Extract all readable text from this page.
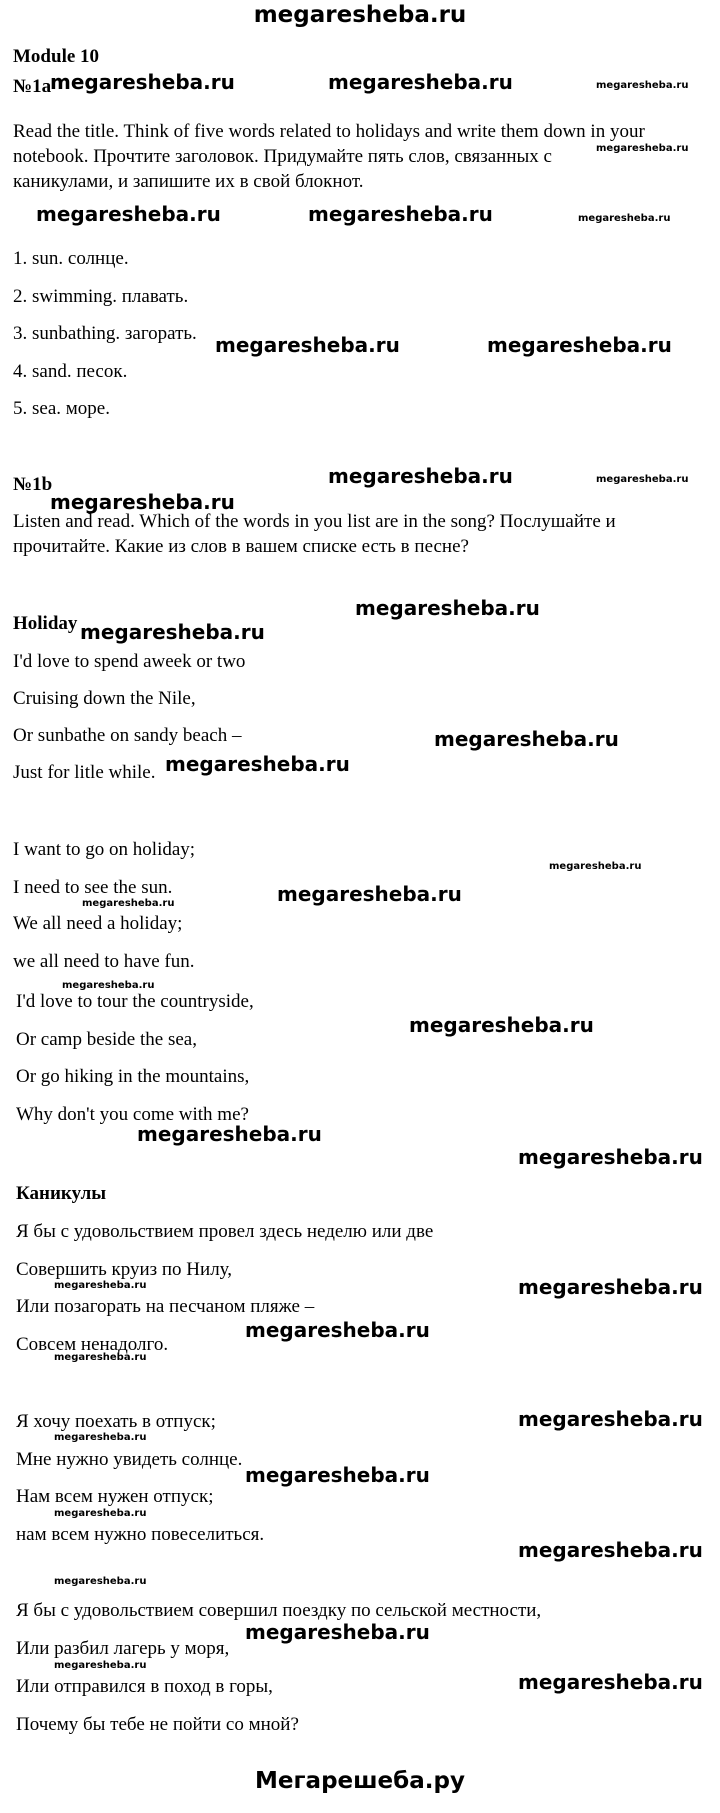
megaresheba.ru
Module 10
№1a
Read the title. Think of five words related to holidays and write them down in your
notebook. Прочтите заголовок. Придумайте пять слов, связанных с
каникулами, и запишите их в свой блокнот.
1. sun. солнце.
2. swimming. плавать.
3. sunbathing. загорать.
4. sand. песок.
5. sea. море.
№1b
Listen and read. Which of the words in you list are in the song? Послушайте и
прочитайте. Какие из слов в вашем списке есть в песне?
Holiday
I'd love to spend aweek or two
Cruising down the Nile,
Or sunbathe on sandy beach –
Just for litle while.
I want to go on holiday;
I need to see the sun.
We all need a holiday;
we all need to have fun.
I'd love to tour the countryside,
Or camp beside the sea,
Or go hiking in the mountains,
Why don't you come with me?
Каникулы
Я бы с удовольствием провел здесь неделю или две
Совершить круиз по Нилу,
Или позагорать на песчаном пляже –
Совсем ненадолго.
Я хочу поехать в отпуск;
Мне нужно увидеть солнце.
Нам всем нужен отпуск;
нам всем нужно повеселиться.
Я бы с удовольствием совершил поездку по сельской местности,
Или разбил лагерь у моря,
Или отправился в поход в горы,
Почему бы тебе не пойти со мной?
megaresheba.ru	megaresheba.ru
megaresheba.ru	megaresheba.ru
megaresheba.ru	megaresheba.ru
megaresheba.ru
megaresheba.ru
megaresheba.ru
megaresheba.ru
megaresheba.ru
megaresheba.ru
megaresheba.ru
megaresheba.ru
megaresheba.ru
megaresheba.ru
megaresheba.ru
megaresheba.ru
megaresheba.ru
megaresheba.ru
megaresheba.ru
megaresheba.ru
megaresheba.ru
megaresheba.ru
megaresheba.ru
megaresheba.ru
megaresheba.ru
megaresheba.ru
megaresheba.ru
megaresheba.ru
megaresheba.ru
megaresheba.ru
megaresheba.ru
megaresheba.ru
megaresheba.ru
megaresheba.ru
Мегарешеба.ру
